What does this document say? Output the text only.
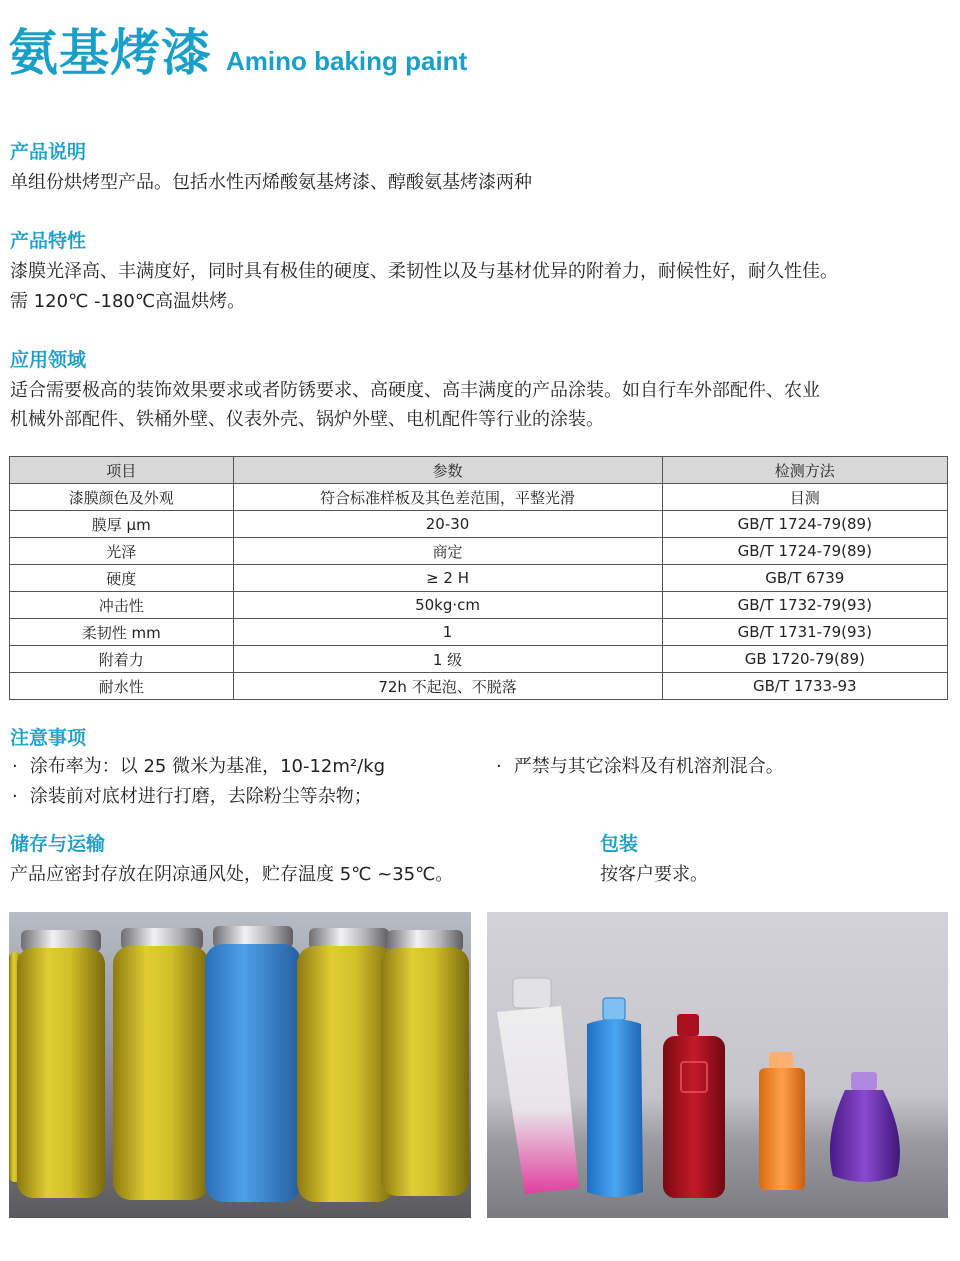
氨基烤漆 Amino baking paint
产品说明

单组份烘烤型产品。包括水性丙烯酸氨基烤漆、醇酸氨基烤漆两种

产品特性

漆膜光泽高、丰满度好，同时具有极佳的硬度、柔韧性以及与基材优异的附着力，耐候性好，耐久性佳。

需 120℃ -180℃高温烘烤。

应用领域

适合需要极高的装饰效果要求或者防锈要求、高硬度、高丰满度的产品涂装。如自行车外部配件、农业

机械外部配件、铁桶外壁、仪表外壳、锅炉外壁、电机配件等行业的涂装。

项目	参数	检测方法
漆膜颜色及外观	符合标准样板及其色差范围，平整光滑	目测
膜厚 μm	20-30	GB/T 1724-79(89)
光泽	商定	GB/T 1724-79(89)
硬度	≥ 2 H	GB/T 6739
冲击性	50kg·cm	GB/T 1732-79(93)
柔韧性 mm	1	GB/T 1731-79(93)
附着力	1 级	GB 1720-79(89)
耐水性	72h 不起泡、不脱落	GB/T 1733-93
注意事项
· 涂布率为：以 25 微米为基准，10-12m²/kg	· 严禁与其它涂料及有机溶剂混合。
· 涂装前对底材进行打磨，去除粉尘等杂物；
储存与运输

产品应密封存放在阴凉通风处，贮存温度 5℃ ~35℃。

包装

按客户要求。
